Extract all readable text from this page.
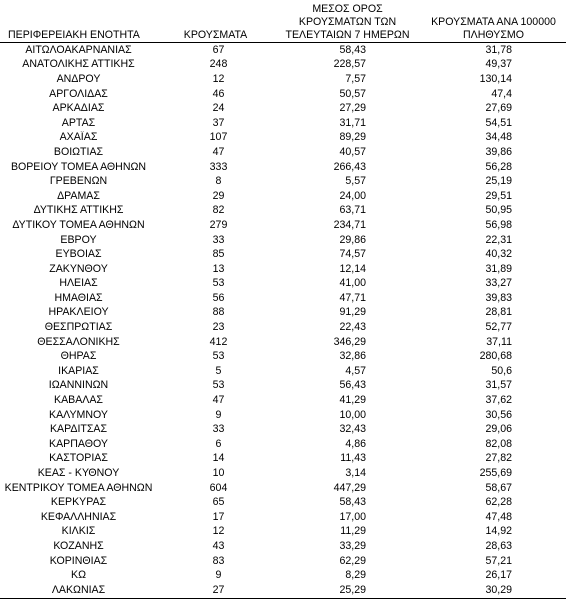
ΠΕΡΙΦΕΡΕΙΑΚΗ ΕΝΟΤΗΤΑ	ΚΡΟΥΣΜΑΤΑ	ΜΕΣΟΣ ΟΡΟΣ
ΚΡΟΥΣΜΑΤΩΝ ΤΩΝ
ΤΕΛΕΥΤΑΙΩΝ 7 ΗΜΕΡΩΝ	ΚΡΟΥΣΜΑΤΑ ΑΝΑ 100000
ΠΛΗΘΥΣΜΟ

ΑΙΤΩΛΟΑΚΑΡΝΑΝΙΑΣ	67	58,43	31,78
ΑΝΑΤΟΛΙΚΗΣ ΑΤΤΙΚΗΣ	248	228,57	49,37
ΑΝΔΡΟΥ	12	7,57	130,14
ΑΡΓΟΛΙΔΑΣ	46	50,57	47,4
ΑΡΚΑΔΙΑΣ	24	27,29	27,69
ΑΡΤΑΣ	37	31,71	54,51
ΑΧΑΪΑΣ	107	89,29	34,48
ΒΟΙΩΤΙΑΣ	47	40,57	39,86
ΒΟΡΕΙΟΥ ΤΟΜΕΑ ΑΘΗΝΩΝ	333	266,43	56,28
ΓΡΕΒΕΝΩΝ	8	5,57	25,19
ΔΡΑΜΑΣ	29	24,00	29,51
ΔΥΤΙΚΗΣ ΑΤΤΙΚΗΣ	82	63,71	50,95
ΔΥΤΙΚΟΥ ΤΟΜΕΑ ΑΘΗΝΩΝ	279	234,71	56,98
ΕΒΡΟΥ	33	29,86	22,31
ΕΥΒΟΙΑΣ	85	74,57	40,32
ΖΑΚΥΝΘΟΥ	13	12,14	31,89
ΗΛΕΙΑΣ	53	41,00	33,27
ΗΜΑΘΙΑΣ	56	47,71	39,83
ΗΡΑΚΛΕΙΟΥ	88	91,29	28,81
ΘΕΣΠΡΩΤΙΑΣ	23	22,43	52,77
ΘΕΣΣΑΛΟΝΙΚΗΣ	412	346,29	37,11
ΘΗΡΑΣ	53	32,86	280,68
ΙΚΑΡΙΑΣ	5	4,57	50,6
ΙΩΑΝΝΙΝΩΝ	53	56,43	31,57
ΚΑΒΑΛΑΣ	47	41,29	37,62
ΚΑΛΥΜΝΟΥ	9	10,00	30,56
ΚΑΡΔΙΤΣΑΣ	33	32,43	29,06
ΚΑΡΠΑΘΟΥ	6	4,86	82,08
ΚΑΣΤΟΡΙΑΣ	14	11,43	27,82
ΚΕΑΣ - ΚΥΘΝΟΥ	10	3,14	255,69
ΚΕΝΤΡΙΚΟΥ ΤΟΜΕΑ ΑΘΗΝΩΝ	604	447,29	58,67
ΚΕΡΚΥΡΑΣ	65	58,43	62,28
ΚΕΦΑΛΛΗΝΙΑΣ	17	17,00	47,48
ΚΙΛΚΙΣ	12	11,29	14,92
ΚΟΖΑΝΗΣ	43	33,29	28,63
ΚΟΡΙΝΘΙΑΣ	83	62,29	57,21
ΚΩ	9	8,29	26,17
ΛΑΚΩΝΙΑΣ	27	25,29	30,29
